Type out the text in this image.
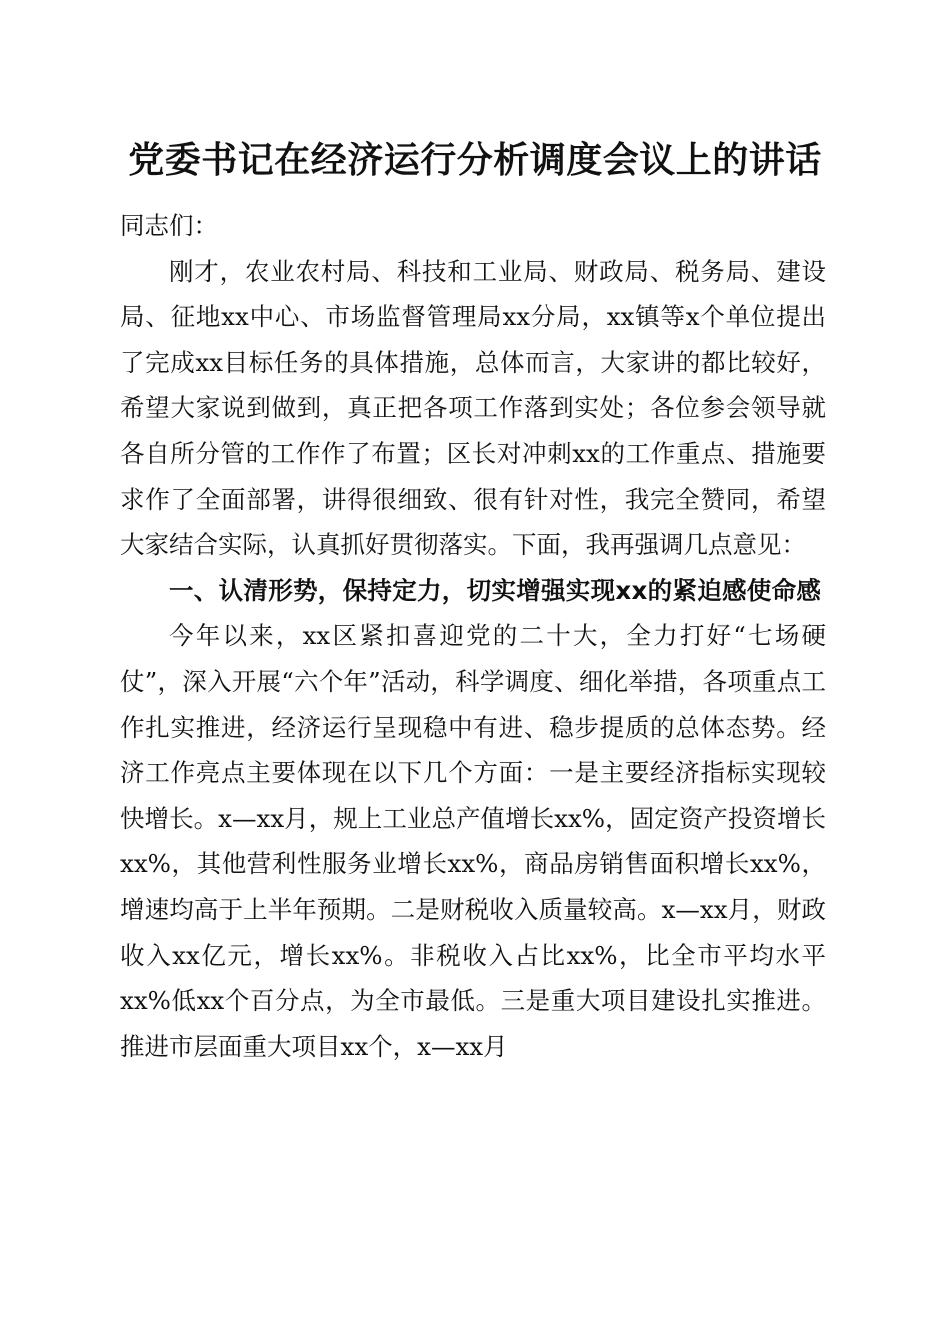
党委书记在经济运行分析调度会议上的讲话

同志们：

刚才，农业农村局、科技和工业局、财政局、税务局、建设局、征地xx中心、市场监督管理局xx分局，xx镇等x个单位提出了完成xx目标任务的具体措施，总体而言，大家讲的都比较好，希望大家说到做到，真正把各项工作落到实处；各位参会领导就各自所分管的工作作了布置；区长对冲刺xx的工作重点、措施要求作了全面部署，讲得很细致、很有针对性，我完全赞同，希望大家结合实际，认真抓好贯彻落实。下面，我再强调几点意见：

一、认清形势，保持定力，切实增强实现xx的紧迫感使命感

今年以来，xx区紧扣喜迎党的二十大，全力打好“七场硬仗”，深入开展“六个年”活动，科学调度、细化举措，各项重点工作扎实推进，经济运行呈现稳中有进、稳步提质的总体态势。经济工作亮点主要体现在以下几个方面：一是主要经济指标实现较快增长。x—xx月，规上工业总产值增长xx%，固定资产投资增长xx%，其他营利性服务业增长xx%，商品房销售面积增长xx%，增速均高于上半年预期。二是财税收入质量较高。x—xx月，财政收入xx亿元，增长xx%。非税收入占比xx%，比全市平均水平xx%低xx个百分点，为全市最低。三是重大项目建设扎实推进。推进市层面重大项目xx个，x—xx月
